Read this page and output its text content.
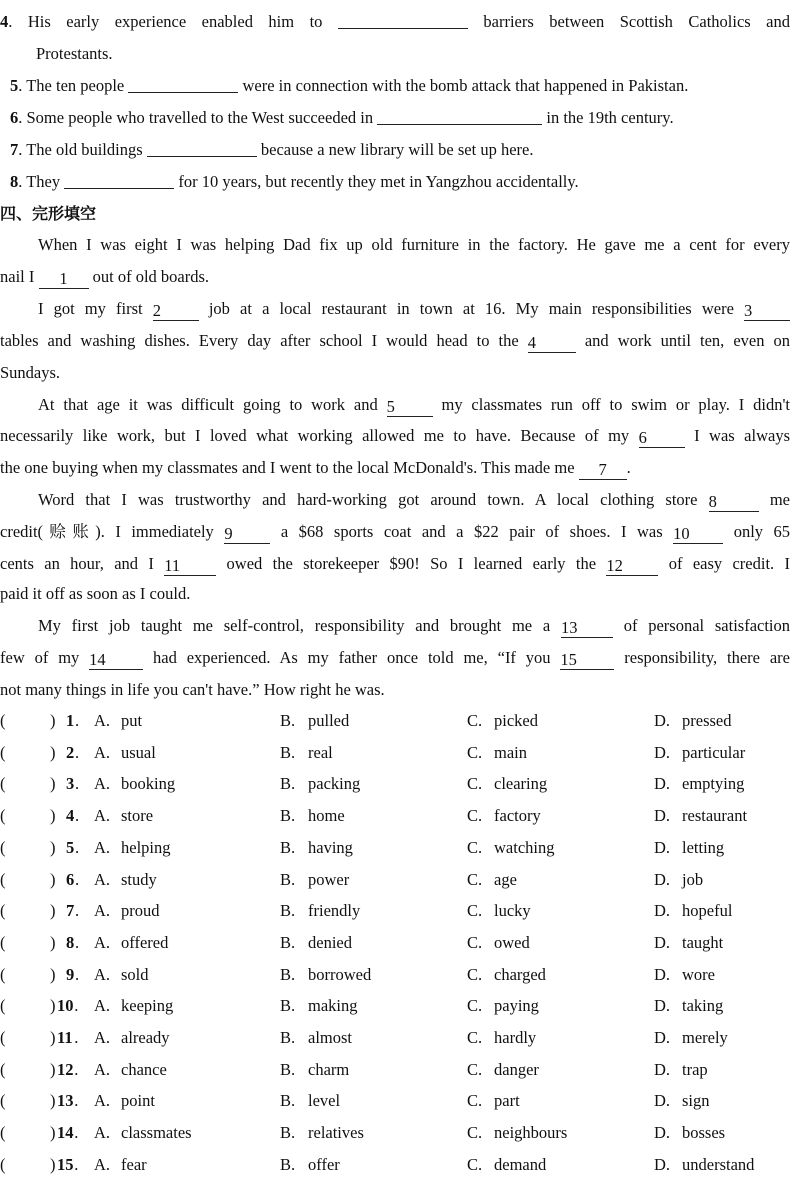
4. His early experience enabled him to	barriers between Scottish Catholics and
Protestants.
5. The ten people	were in connection with the bomb attack that happened in Pakistan.
6. Some people who travelled to the West succeeded in	in the 19th century.
7. The old buildings	because a new library will be set up here.
8. They	for 10 years, but recently they met in Yangzhou accidentally.
四、完形填空
When I was eight I was helping Dad fix up old furniture in the factory. He gave me a cent for every
nail I 1 out of old boards.
I got my first 2	job at a local restaurant in town at 16. My main responsibilities were 3
tables and washing dishes. Every day after school I would head to the 4	and work until ten, even on
Sundays.
At that age it was difficult going to work and 5	my classmates run off to swim or play. I didn't
necessarily like work, but I loved what working allowed me to have. Because of my 6	I was always
the one buying when my classmates and I went to the local McDonald's. This made me 7 .
Word that I was trustworthy and hard-working got around town. A local clothing store 8	me
credit(赊账). I immediately 9	a $68 sports coat and a $22 pair of shoes. I was 10	only 65
cents an hour, and I 11	owed the storekeeper $90! So I learned early the 12	of easy credit. I
paid it off as soon as I could.
My first job taught me self-control, responsibility and brought me a 13	of personal satisfaction
few of my 14	had experienced. As my father once told me, “If you 15	responsibility, there are
not many things in life you can't have.” How right he was.
(	) 1 . A. put	B. pulled	C. picked	D. pressed
(	) 2 . A. usual	B. real	C. main	D. particular
(	) 3 . A. booking	B. packing	C. clearing	D. emptying
(	) 4 . A. store	B. home	C. factory	D. restaurant
(	) 5 . A. helping	B. having	C. watching	D. letting
(	) 6 . A. study	B. power	C. age	D. job
(	) 7 . A. proud	B. friendly	C. lucky	D. hopeful
(	) 8 . A. offered	B. denied	C. owed	D. taught
(	) 9 . A. sold	B. borrowed	C. charged	D. wore
(	) 10 . A. keeping	B. making	C. paying	D. taking
(	) 11 . A. already	B. almost	C. hardly	D. merely
(	) 12 . A. chance	B. charm	C. danger	D. trap
(	) 13 . A. point	B. level	C. part	D. sign
(	) 14 . A. classmates	B. relatives	C. neighbours	D. bosses
(	) 15 . A. fear	B. offer	C. demand	D. understand
